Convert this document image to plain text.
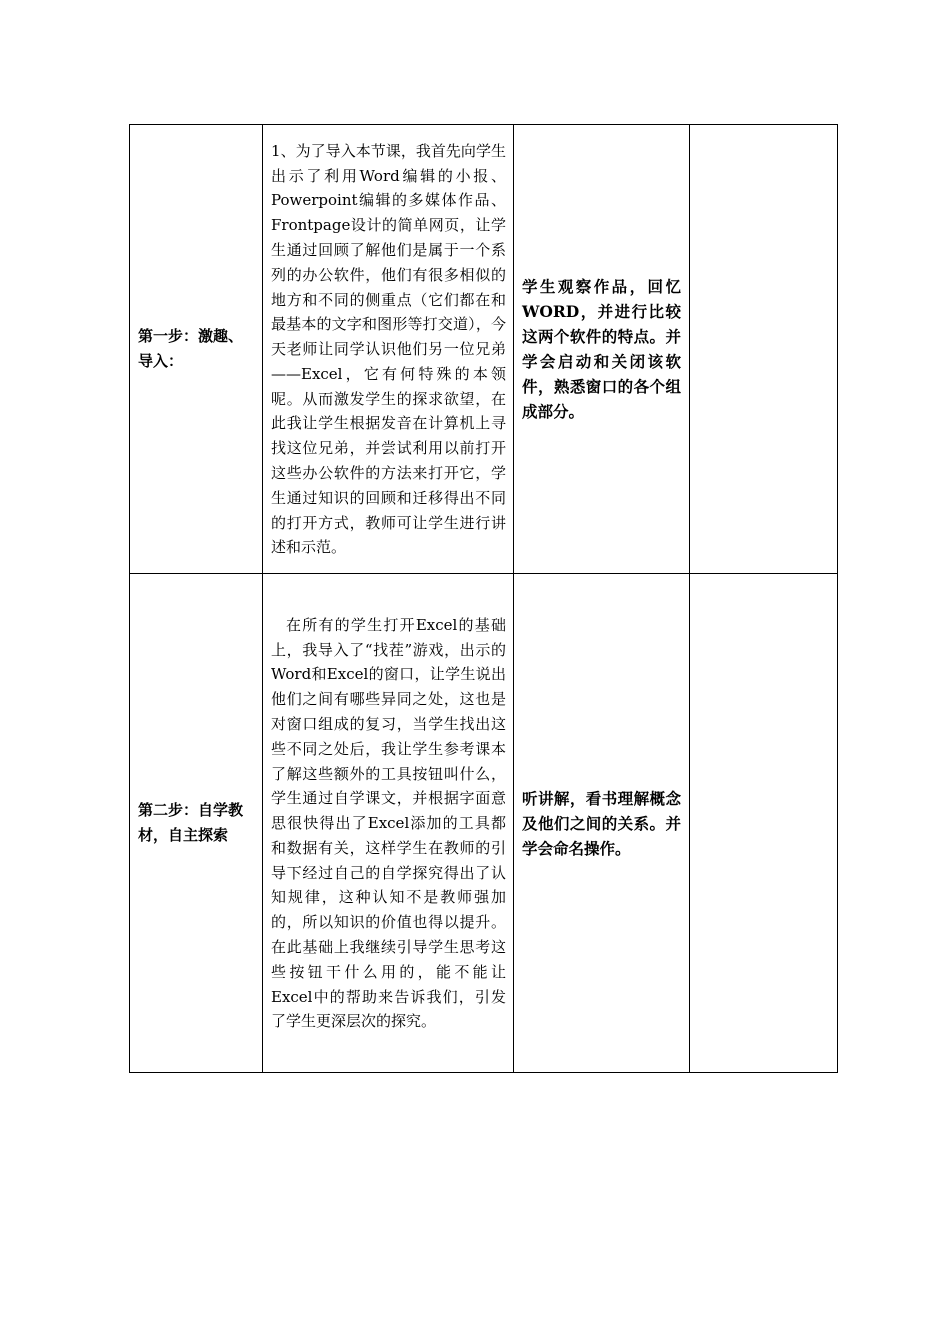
第一步：激趣、导入：	1、为了导入本节课，我首先向学生出示了利用Word编辑的小报、Powerpoint编辑的多媒体作品、Frontpage设计的简单网页，让学生通过回顾了解他们是属于一个系列的办公软件，他们有很多相似的地方和不同的侧重点（它们都在和最基本的文字和图形等打交道），今天老师让同学认识他们另一位兄弟——Excel，它有何特殊的本领呢。从而激发学生的探求欲望，在此我让学生根据发音在计算机上寻找这位兄弟，并尝试利用以前打开这些办公软件的方法来打开它，学生通过知识的回顾和迁移得出不同的打开方式，教师可让学生进行讲述和示范。	学生观察作品，回忆WORD，并进行比较这两个软件的特点。并学会启动和关闭该软件，熟悉窗口的各个组成部分。	

第二步：自学教材，自主探索	在所有的学生打开Excel的基础上，我导入了“找茬”游戏，出示的Word和Excel的窗口，让学生说出他们之间有哪些异同之处，这也是对窗口组成的复习，当学生找出这些不同之处后，我让学生参考课本了解这些额外的工具按钮叫什么，学生通过自学课文，并根据字面意思很快得出了Excel添加的工具都和数据有关，这样学生在教师的引导下经过自己的自学探究得出了认知规律，这种认知不是教师强加的，所以知识的价值也得以提升。在此基础上我继续引导学生思考这些按钮干什么用的，能不能让Excel中的帮助来告诉我们，引发了学生更深层次的探究。	听讲解，看书理解概念及他们之间的关系。并学会命名操作。	
